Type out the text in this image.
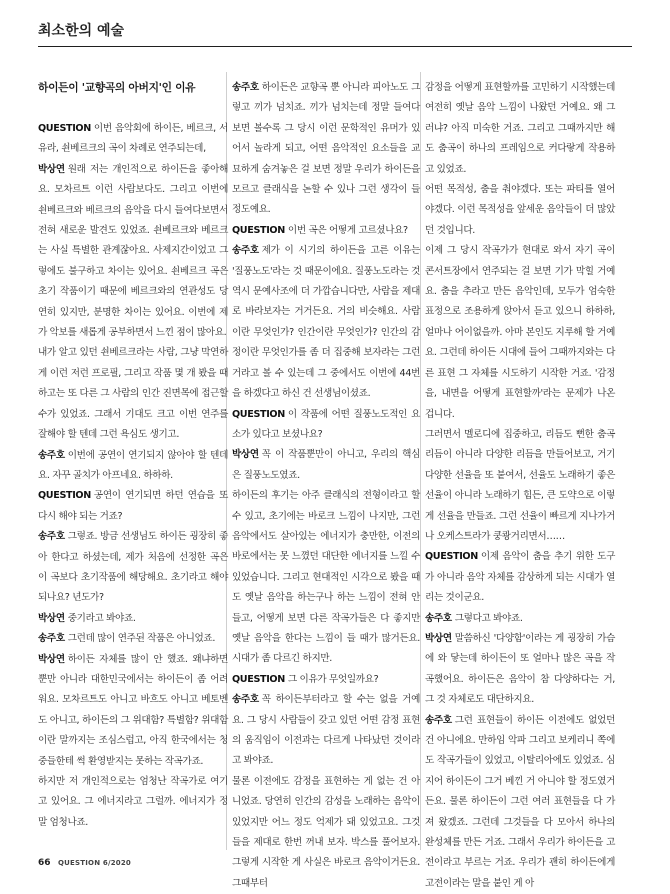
최소한의 예술
하이든이 '교향곡의 아버지'인 이유

QUESTION 이번 음악회에 하이든, 베르크, 서유라, 쇤베르크의 곡이 차례로 연주되는데,

박상연 원래 저는 개인적으로 하이든을 좋아해요. 모차르트 이런 사람보다도. 그리고 이번에 쇤베르크와 베르크의 음악을 다시 들여다보면서 전혀 새로운 발견도 있었죠. 쇤베르크와 베르크는 사실 특별한 관계잖아요. 사제지간이었고 그렇에도 불구하고 차이는 있어요. 쇤베르크 곡은 초기 작품이기 때문에 베르크와의 연관성도 당연히 있지만, 분명한 차이는 있어요. 이번에 제가 악보를 새롭게 공부하면서 느낀 점이 많아요.

내가 알고 있던 쇤베르크라는 사람, 그냥 막연하게 이런 저런 프로필, 그리고 작품 몇 개 봤을 때하고는 또 다른 그 사람의 인간 진면목에 접근할 수가 있었죠. 그래서 기대도 크고 이번 연주를 잘해야 할 텐데 그런 욕심도 생기고.

송주호 이번에 공연이 연기되지 않아야 할 텐데요. 자꾸 골치가 아프네요. 하하하.

QUESTION 공연이 연기되면 하던 연습을 또 다시 해야 되는 거죠?

송주호 그렇죠. 방금 선생님도 하이든 굉장히 좋아 한다고 하셨는데, 제가 처음에 선정한 곡은 이 곡보다 초기작품에 해당해요. 초기라고 해야 되나요? 년도가?

박상연 중기라고 봐야죠.

송주호 그런데 많이 연주된 작품은 아니었죠.

박상연 하이든 자체를 많이 안 했죠. 왜냐하면 뿐만 아니라 대한민국에서는 하이든이 좀 어려워요. 모차르트도 아니고 바흐도 아니고 베토벤도 아니고, 하이든의 그 위대함? 특별함? 위대함이란 말까지는 조심스럽고, 아직 한국에서는 청중들한테 썩 환영받지는 못하는 작곡가죠.

하지만 저 개인적으로는 엄청난 작곡가로 여기고 있어요. 그 에너지라고 그럴까. 에너지가 정말 엄청나죠.

송주호 하이든은 교향곡 뿐 아니라 피아노도 그렇고 끼가 넘치죠. 끼가 넘치는데 정말 들여다보면 볼수록 그 당시 이런 문학적인 유머가 있어서 놀라게 되고, 어떤 음악적인 요소들을 교묘하게 숨겨놓은 걸 보면 정말 우리가 하이든을 모르고 클래식을 논할 수 있나 그런 생각이 들 정도예요.

QUESTION 이번 곡은 어떻게 고르셨나요?

송주호 제가 이 시기의 하이든을 고른 이유는 '질풍노도'라는 것 때문이에요. 질풍노도라는 것 역시 문예사조에 더 가깝습니다만, 사람을 제대로 바라보자는 거거든요. 거의 비슷해요. 사람이란 무엇인가? 인간이란 무엇인가? 인간의 감정이란 무엇인가를 좀 더 집중해 보자라는 그런 거라고 볼 수 있는데 그 중에서도 이번에 44번을 하겠다고 하신 건 선생님이셨죠.

QUESTION 이 작품에 어떤 질풍노도적인 요소가 있다고 보셨나요?

박상연 꼭 이 작품뿐만이 아니고, 우리의 핵심은 질풍노도였죠.

하이든의 후기는 아주 클래식의 전형이라고 할 수 있고, 초기에는 바로크 느낌이 나지만, 그런 음악에서도 살아있는 에너지가 충만한, 이전의 바로에서는 못 느꼈던 대단한 에너지를 느낄 수 있었습니다. 그리고 현대적인 시각으로 봤을 때도 옛날 음악을 하는구나 하는 느낌이 전혀 안 들고, 어떻게 보면 다른 작곡가들은 다 좋지만 옛날 음악을 한다는 느낌이 들 때가 많거든요. 시대가 좀 다르긴 하지만.

QUESTION 그 이유가 무엇일까요?

송주호 꼭 하이든부터라고 할 수는 없을 거예요. 그 당시 사람들이 갖고 있던 어떤 감정 표현의 움직임이 이전과는 다르게 나타났던 것이라고 봐야죠.

물론 이전에도 감정을 표현하는 게 없는 건 아니었죠. 당연히 인간의 감성을 노래하는 음악이 있었지만 어느 정도 억제가 돼 있었고요. 그것들을 제대로 한번 꺼내 보자. 박스를 풀어보자. 그렇게 시작한 게 사실은 바로크 음악이거든요. 그때부터

감정을 어떻게 표현할까를 고민하기 시작했는데 여전히 옛날 음악 느낌이 나왔던 거예요. 왜 그러냐? 아직 미숙한 거죠. 그리고 그때까지만 해도 춤곡이 하나의 프레임으로 커다랗게 작용하고 있었죠.

어떤 목적성, 춤을 춰야겠다. 또는 파티를 열어야겠다. 이런 목적성을 앞세운 음악들이 더 많았던 것입니다.

이제 그 당시 작곡가가 현대로 와서 자기 곡이 콘서트장에서 연주되는 걸 보면 기가 막힐 거예요. 춤을 추라고 만든 음악인데, 모두가 엄숙한 표정으로 조용하게 앉아서 듣고 있으니 하하하, 얼마나 어이없을까. 아마 본인도 지루해 할 거예요. 그런데 하이든 시대에 들어 그때까지와는 다른 표현 그 자체를 시도하기 시작한 거죠. '감정을, 내면을 어떻게 표현할까'라는 문제가 나온 겁니다.

그러면서 멜로디에 집중하고, 리듬도 뻔한 춤곡 리듬이 아니라 다양한 리듬을 만들어보고, 거기 다양한 선율을 또 붙여서, 선율도 노래하기 좋은 선율이 아니라 노래하기 힘든, 큰 도약으로 이렇게 선율을 만들죠. 그런 선율이 빠르게 지나가거나 오케스트라가 쿵쾅거리면서……

QUESTION 이제 음악이 춤을 추기 위한 도구가 아니라 음악 자체를 감상하게 되는 시대가 열리는 것이군요.

송주호 그렇다고 봐야죠.

박상연 말씀하신 '다양함'이라는 게 굉장히 가슴에 와 닿는데 하이든이 또 얼마나 많은 곡을 작곡했어요. 하이든은 음악이 참 다양하다는 거, 그 것 자체로도 대단하지요.

송주호 그런 표현들이 하이든 이전에도 없었던 건 아니에요. 만하임 악파 그리고 보케리니 쪽에도 작곡가들이 있었고, 이탈리아에도 있었죠. 심지어 하이든이 그거 베낀 거 아니야 할 정도였거든요. 물론 하이든이 그런 여러 표현들을 다 가져 왔겠죠. 그런데 그것들을 다 모아서 하나의 완성체를 만든 거죠. 그래서 우리가 하이든을 고전이라고 부르는 거죠. 우리가 괜히 하이든에게 고전이라는 말을 붙인 게 아

66 QUESTION 6/2020
